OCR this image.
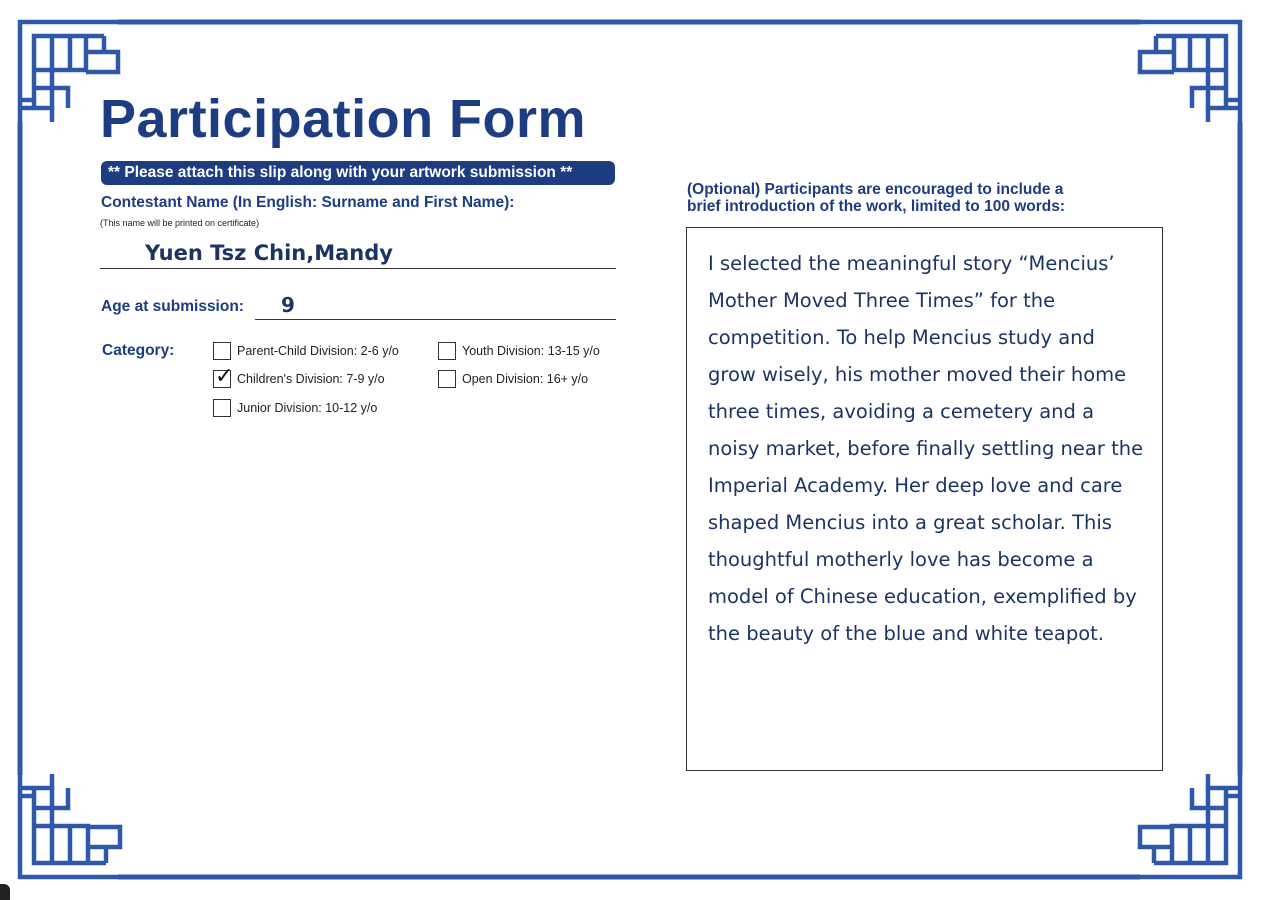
Participation Form
** Please attach this slip along with your artwork submission **
Contestant Name (In English: Surname and First Name):
(This name will be printed on certificate)
Yuen Tsz Chin,Mandy
Age at submission: 9
Category:	Parent-Child Division: 2-6 y/o	Youth Division: 13-15 y/o
✓ Children's Division: 7-9 y/o	Open Division: 16+ y/o
Junior Division: 10-12 y/o
(Optional) Participants are encouraged to include a
brief introduction of the work, limited to 100 words:
I selected the meaningful story “Mencius’ Mother Moved Three Times” for the competition. To help Mencius study and grow wisely, his mother moved their home three times, avoiding a cemetery and a noisy market, before finally settling near the Imperial Academy. Her deep love and care shaped Mencius into a great scholar. This thoughtful motherly love has become a model of Chinese education, exemplified by the beauty of the blue and white teapot.
